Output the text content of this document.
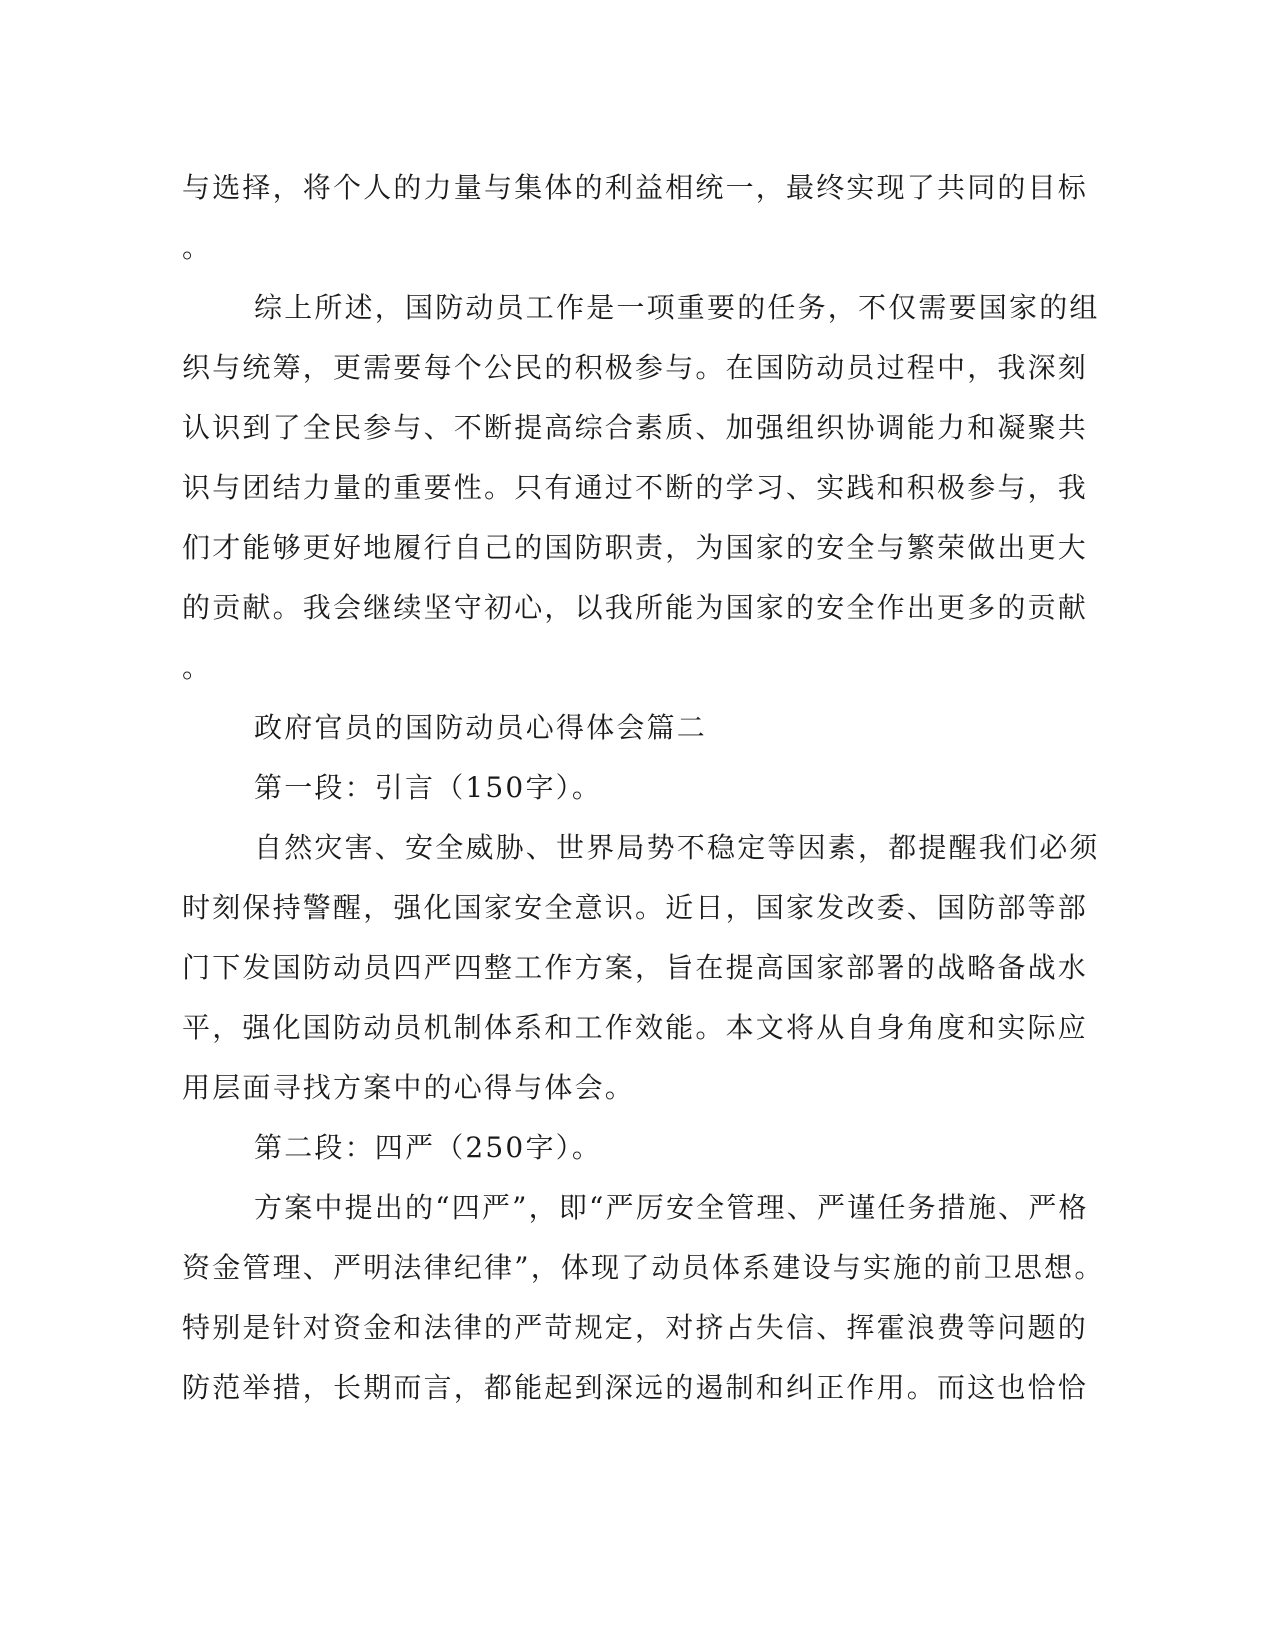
与选择，将个人的力量与集体的利益相统一，最终实现了共同的目标
。
综上所述，国防动员工作是一项重要的任务，不仅需要国家的组
织与统筹，更需要每个公民的积极参与。在国防动员过程中，我深刻
认识到了全民参与、不断提高综合素质、加强组织协调能力和凝聚共
识与团结力量的重要性。只有通过不断的学习、实践和积极参与，我
们才能够更好地履行自己的国防职责，为国家的安全与繁荣做出更大
的贡献。我会继续坚守初心，以我所能为国家的安全作出更多的贡献
。
政府官员的国防动员心得体会篇二
第一段：引言（150字）。
自然灾害、安全威胁、世界局势不稳定等因素，都提醒我们必须
时刻保持警醒，强化国家安全意识。近日，国家发改委、国防部等部
门下发国防动员四严四整工作方案，旨在提高国家部署的战略备战水
平，强化国防动员机制体系和工作效能。本文将从自身角度和实际应
用层面寻找方案中的心得与体会。
第二段：四严（250字）。
方案中提出的“四严”，即“严厉安全管理、严谨任务措施、严格
资金管理、严明法律纪律”，体现了动员体系建设与实施的前卫思想。
特别是针对资金和法律的严苛规定，对挤占失信、挥霍浪费等问题的
防范举措，长期而言，都能起到深远的遏制和纠正作用。而这也恰恰
